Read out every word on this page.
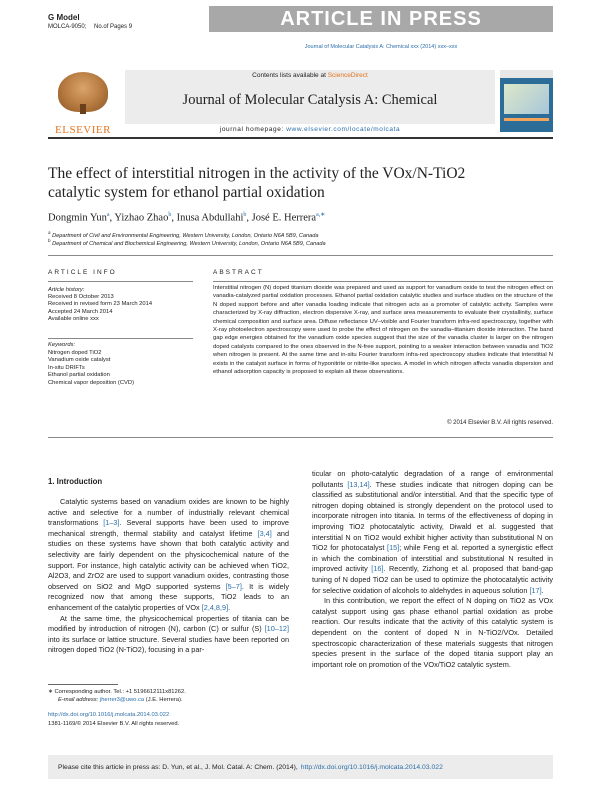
G Model
MOLCA-9050; No.of Pages 9	ARTICLE IN PRESS
Journal of Molecular Catalysis A: Chemical xxx (2014) xxx–xxx
ELSEVIER
Contents lists available at ScienceDirect
Journal of Molecular Catalysis A: Chemical
journal homepage: www.elsevier.com/locate/molcata
The effect of interstitial nitrogen in the activity of the VOx/N-TiO2
catalytic system for ethanol partial oxidation
Dongmin Yun$^a$, Yizhao Zhao$^b$, Inusa Abdullahi$^b$, José E. Herrera$^{a,∗}$
$^a$ Department of Civil and Environmental Engineering, Western University, London, Ontario N6A 5B9, Canada
$^b$ Department of Chemical and Biochemical Engineering, Western University, London, Ontario N6A 5B9, Canada
ARTICLE INFO
Article history:
Received 8 October 2013
Received in revised form 23 March 2014
Accepted 24 March 2014
Available online xxx
Keywords:
Nitrogen doped TiO2
Vanadium oxide catalyst
In-situ DRIFTs
Ethanol partial oxidation
Chemical vapor deposition (CVD)
ABSTRACT
Interstitial nitrogen (N) doped titanium dioxide was prepared and used as support for vanadium oxide to test the nitrogen effect on vanadia-catalyzed partial oxidation processes. Ethanol partial oxidation catalytic studies and surface studies on the structure of the N doped support before and after vanadia loading indicate that nitrogen acts as a promoter of catalytic activity. Samples were characterized by X-ray diffraction, electron dispersive X-ray, and surface area measurements to evaluate their crystallinity, surface chemical composition and surface area. Diffuse reflectance UV–visible and Fourier transform infra-red spectroscopy, together with X-ray photoelectron spectroscopy were used to probe the effect of nitrogen on the vanadia–titanium dioxide interaction. The band gap edge energies obtained for the vanadium oxide species suggest that the size of the vanadia cluster is larger on the nitrogen doped catalysts compared to the ones observed in the N-free support, pointing to a weaker interaction between vanadia and TiO2 when nitrogen is present. At the same time and in-situ Fourier transform infra-red spectroscopy studies indicate that interstitial N exists in the catalyst surface in forms of hyponitrite or nitrite-like species. A model in which nitrogen affects vanadia dispersion and ethanol adsorption capacity is proposed to explain all these observations.
© 2014 Elsevier B.V. All rights reserved.
1. Introduction

Catalytic systems based on vanadium oxides are known to be highly active and selective for a number of industrially relevant chemical transformations [1–3]. Several supports have been used to improve mechanical strength, thermal stability and catalyst lifetime [3,4] and studies on these systems have shown that both catalytic activity and selectivity are fairly dependent on the physicochemical nature of the support. For instance, high catalytic activity can be achieved when TiO2, Al2O3, and ZrO2 are used to support vanadium oxides, contrasting those observed on SiO2 and MgO supported systems [5–7]. It is widely recognized now that among these supports, TiO2 leads to an enhancement of the catalytic properties of VOx [2,4,8,9].

At the same time, the physicochemical properties of titania can be modified by introduction of nitrogen (N), carbon (C) or sulfur (S) [10–12] into its surface or lattice structure. Several studies have been reported on nitrogen doped TiO2 (N-TiO2), focusing in a par-

ticular on photo-catalytic degradation of a range of environmental pollutants [13,14]. These studies indicate that nitrogen doping can be classified as substitutional and/or interstitial. And that the specific type of nitrogen doping obtained is strongly dependent on the protocol used to incorporate nitrogen into titania. In terms of the effectiveness of doping in improving TiO2 photocatalytic activity, Diwald et al. suggested that interstitial N on TiO2 would exhibit higher activity than substitutional N on TiO2 for photocatalyst [15]; while Feng et al. reported a synergistic effect in which the combination of interstitial and substitutional N resulted in improved activity [16]. Recently, Zizhong et al. proposed that band-gap tuning of N doped TiO2 can be used to optimize the photocatalytic activity for selective oxidation of alcohols to aldehydes in aqueous solution [17].

In this contribution, we report the effect of N doping on TiO2 as VOx catalyst support using gas phase ethanol partial oxidation as probe reaction. Our results indicate that the activity of this catalytic system is dependent on the content of doped N in N-TiO2/VOx. Detailed spectroscopic characterization of these materials suggests that nitrogen species present in the surface of the doped titania support play an important role on promotion of the VOx/TiO2 catalytic system.

∗ Corresponding author. Tel.: +1 5196612111x81262.
E-mail address: jherrer3@uwo.ca (J.E. Herrera).
http://dx.doi.org/10.1016/j.molcata.2014.03.022
1381-1169/© 2014 Elsevier B.V. All rights reserved.
Please cite this article in press as: D. Yun, et al., J. Mol. Catal. A: Chem. (2014), http://dx.doi.org/10.1016/j.molcata.2014.03.022
